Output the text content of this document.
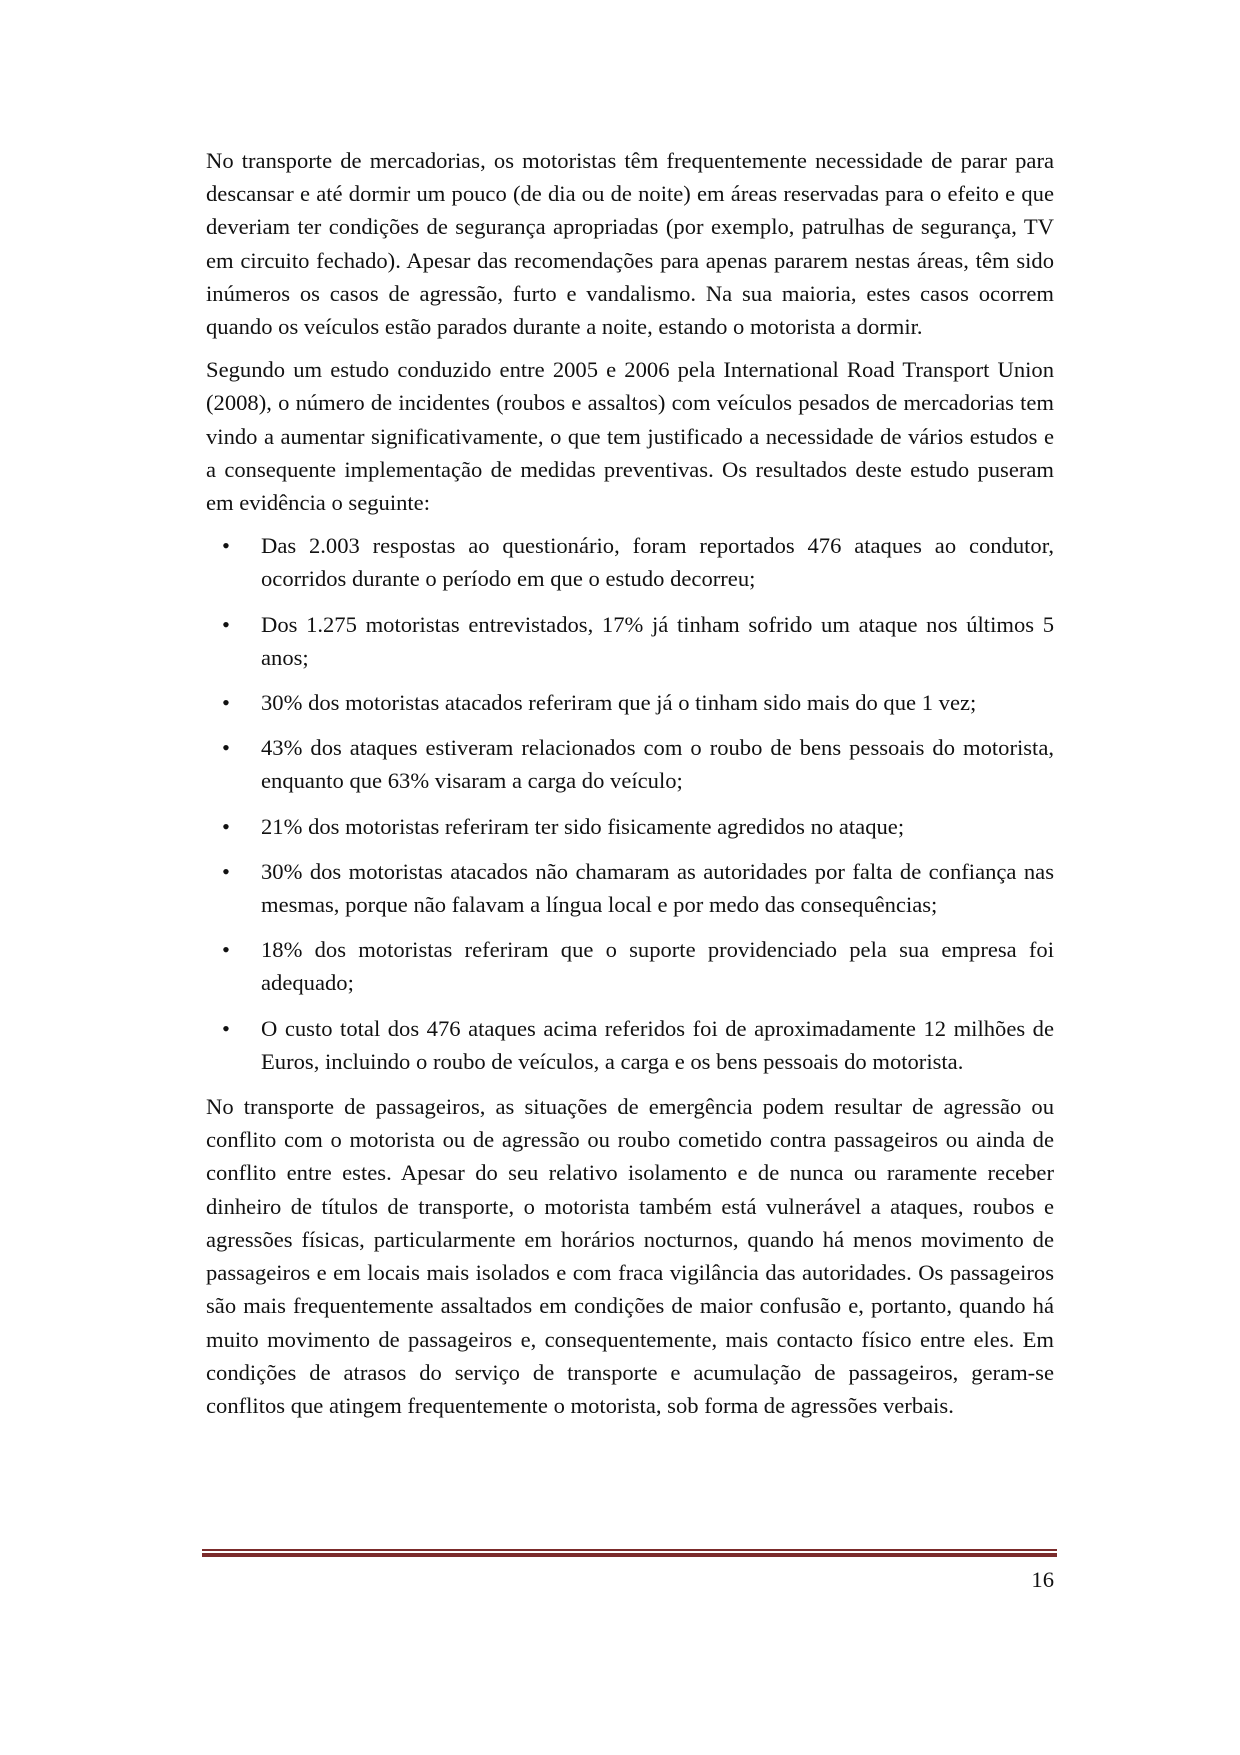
No transporte de mercadorias, os motoristas têm frequentemente necessidade de parar para descansar e até dormir um pouco (de dia ou de noite) em áreas reservadas para o efeito e que deveriam ter condições de segurança apropriadas (por exemplo, patrulhas de segurança, TV em circuito fechado). Apesar das recomendações para apenas pararem nestas áreas, têm sido inúmeros os casos de agressão, furto e vandalismo. Na sua maioria, estes casos ocorrem quando os veículos estão parados durante a noite, estando o motorista a dormir.

Segundo um estudo conduzido entre 2005 e 2006 pela International Road Transport Union (2008), o número de incidentes (roubos e assaltos) com veículos pesados de mercadorias tem vindo a aumentar significativamente, o que tem justificado a necessidade de vários estudos e a consequente implementação de medidas preventivas. Os resultados deste estudo puseram em evidência o seguinte:

• Das 2.003 respostas ao questionário, foram reportados 476 ataques ao condutor, ocorridos durante o período em que o estudo decorreu;
• Dos 1.275 motoristas entrevistados, 17% já tinham sofrido um ataque nos últimos 5 anos;
• 30% dos motoristas atacados referiram que já o tinham sido mais do que 1 vez;
• 43% dos ataques estiveram relacionados com o roubo de bens pessoais do motorista, enquanto que 63% visaram a carga do veículo;
• 21% dos motoristas referiram ter sido fisicamente agredidos no ataque;
• 30% dos motoristas atacados não chamaram as autoridades por falta de confiança nas mesmas, porque não falavam a língua local e por medo das consequências;
• 18% dos motoristas referiram que o suporte providenciado pela sua empresa foi adequado;
• O custo total dos 476 ataques acima referidos foi de aproximadamente 12 milhões de Euros, incluindo o roubo de veículos, a carga e os bens pessoais do motorista.

No transporte de passageiros, as situações de emergência podem resultar de agressão ou conflito com o motorista ou de agressão ou roubo cometido contra passageiros ou ainda de conflito entre estes. Apesar do seu relativo isolamento e de nunca ou raramente receber dinheiro de títulos de transporte, o motorista também está vulnerável a ataques, roubos e agressões físicas, particularmente em horários nocturnos, quando há menos movimento de passageiros e em locais mais isolados e com fraca vigilância das autoridades. Os passageiros são mais frequentemente assaltados em condições de maior confusão e, portanto, quando há muito movimento de passageiros e, consequentemente, mais contacto físico entre eles. Em condições de atrasos do serviço de transporte e acumulação de passageiros, geram-se conflitos que atingem frequentemente o motorista, sob forma de agressões verbais.

16
